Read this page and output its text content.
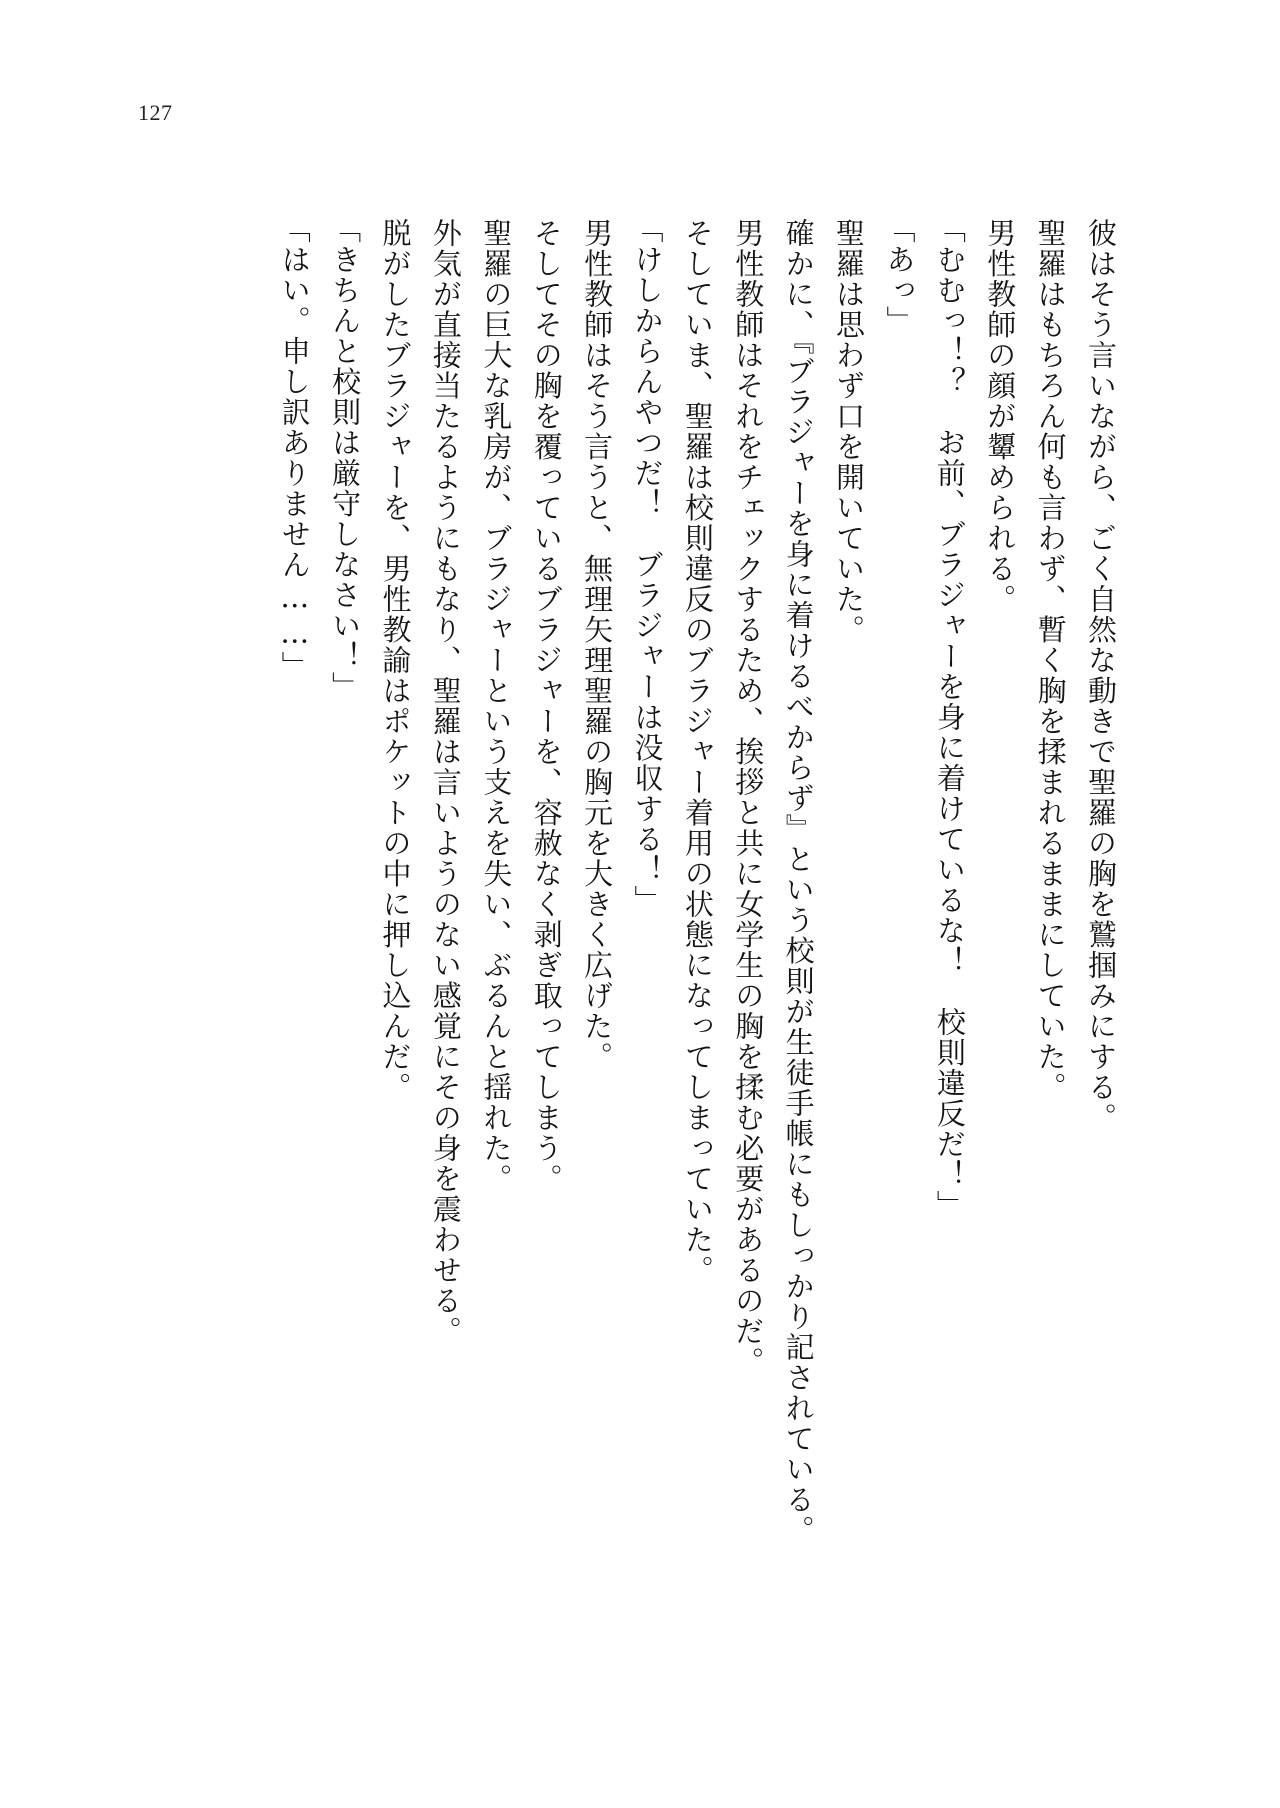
127
彼はそう言いながら、ごく自然な動きで聖羅の胸を鷲掴みにする。
聖羅はもちろん何も言わず、暫く胸を揉まれるままにしていた。
男性教師の顔が顰められる。
「むむっ！？　お前、ブラジャーを身に着けているな！　校則違反だ！」
「あっ」
聖羅は思わず口を開いていた。
確かに、『ブラジャーを身に着けるべからず』という校則が生徒手帳にもしっかり記されている。
男性教師はそれをチェックするため、挨拶と共に女学生の胸を揉む必要があるのだ。
そしていま、聖羅は校則違反のブラジャー着用の状態になってしまっていた。
「けしからんやつだ！　ブラジャーは没収する！」
男性教師はそう言うと、無理矢理聖羅の胸元を大きく広げた。
そしてその胸を覆っているブラジャーを、容赦なく剥ぎ取ってしまう。
聖羅の巨大な乳房が、ブラジャーという支えを失い、ぶるんと揺れた。
外気が直接当たるようにもなり、聖羅は言いようのない感覚にその身を震わせる。
脱がしたブラジャーを、男性教諭はポケットの中に押し込んだ。
「きちんと校則は厳守しなさい！」
「はい。申し訳ありません……」
